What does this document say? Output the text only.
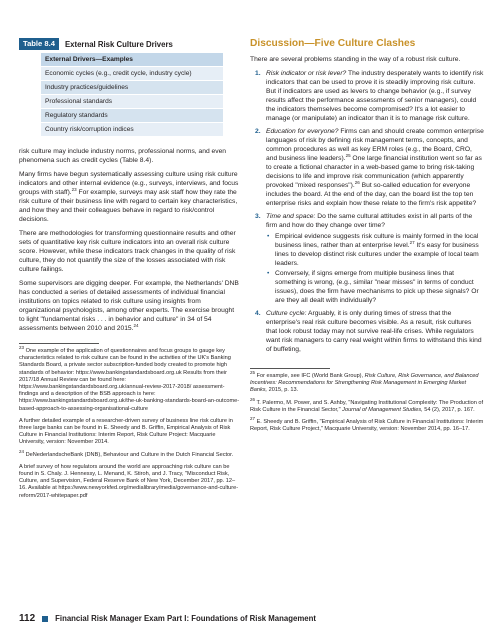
Table 8.4	External Risk Culture Drivers
External Drivers—Examples
Economic cycles (e.g., credit cycle, industry cycle)
Industry practices/guidelines
Professional standards
Regulatory standards
Country risk/corruption indices

risk culture may include industry norms, professional norms, and even phenomena such as credit cycles (Table 8.4).

Many firms have begun systematically assessing culture using risk culture indicators and other internal evidence (e.g., surveys, interviews, and focus groups with staff).$^{23}$ For example, surveys may ask staff how they rate the risk culture of their business line with regard to certain key characteristics, and how they and their colleagues behave in regard to risk/control decisions.

There are methodologies for transforming questionnaire results and other sets of quantitative key risk culture indicators into an overall risk culture score. However, while these indicators track changes in the quality of risk culture, they do not quantify the size of the losses associated with risk culture failings.

Some supervisors are digging deeper. For example, the Netherlands' DNB has conducted a series of detailed assessments of individual financial institutions on topics related to risk culture using insights from organizational psychologists, among other experts. The exercise brought to light "fundamental risks . . . in behavior and culture" in 34 of 54 assessments between 2010 and 2015.24

$^{23}$ One example of the application of questionnaires and focus groups to gauge key characteristics related to risk culture can be found in the activities of the UK's Banking Standards Board, a private sector subscription-funded body created to promote high standards of behavior: https://www.bankingstandardsboard.org.uk Results from their 2017/18 Annual Review can be found here: https://www.bankingstandardsboard.org.uk/annual-review-2017-2018/ assessment-findings and a description of the BSB approach is here: https://www.bankingstandardsboard.org.uk/the-uk-banking-standards-board-an-outcome-based-approach-to-assessing-organisational-culture

A further detailed example of a researcher-driven survey of business line risk culture in three large banks can be found in E. Sheedy and B. Griffin, Empirical Analysis of Risk Culture in Financial Institutions: Interim Report, Risk Culture Project: Macquarie University, version: November 2014.

$^{24}$ DeNederlandscheBank (DNB), Behaviour and Culture in the Dutch Financial Sector.

A brief survey of how regulators around the world are approaching risk culture can be found in S. Chaly. J. Hennessy, L. Menand, K. Stiroh, and J. Tracy, "Misconduct Risk, Culture, and Supervision, Federal Reserve Bank of New York, December 2017, pp. 12–16. Available at https://www.newyorkfed.org/medialibrary/media/governance-and-culture-reform/2017-whitepaper.pdf

Discussion—Five Culture Clashes

There are several problems standing in the way of a robust risk culture.

1. Risk indicator or risk lever? The industry desperately wants to identify risk indicators that can be used to prove it is steadily improving risk culture. But if indicators are used as levers to change behavior (e.g., if survey results affect the performance assessments of senior managers), could the indicators themselves become compromised? It's a lot easier to manage (or manipulate) an indicator than it is to manage risk culture.
2. Education for everyone? Firms can and should create common enterprise languages of risk by defining risk management terms, concepts, and common procedures as well as key ERM roles (e.g., the Board, CRO, and business line leaders).$^{25}$ One large financial institution went so far as to create a fictional character in a web-based game to bring risk-taking decisions to life and improve risk communication (which apparently provoked "mixed responses").$^{26}$ But so-called education for everyone includes the board. At the end of the day, can the board list the top ten enterprise risks and explain how these relate to the firm's risk appetite?
3. Time and space: Do the same cultural attitudes exist in all parts of the firm and how do they change over time?
• Empirical evidence suggests risk culture is mainly formed in the local business lines, rather than at enterprise level.$^{27}$ It's easy for business lines to develop distinct risk cultures under the example of local team leaders.
• Conversely, if signs emerge from multiple business lines that something is wrong, (e.g., similar "near misses" in terms of conduct issues), does the firm have mechanisms to pick up these signals? Or are they all dealt with individually?
4. Culture cycle: Arguably, it is only during times of stress that the enterprise's real risk culture becomes visible. As a result, risk cultures that look robust today may not survive real-life crises. While regulators want risk managers to carry real weight within firms to withstand this kind of buffeting,

$^{25}$ For example, see IFC (World Bank Group), Risk Culture, Risk Governance, and Balanced Incentives: Recommendations for Strengthening Risk Management in Emerging Market Banks, 2015, p. 13.

$^{26}$ T. Palermo, M. Power, and S. Ashby, "Navigating Institutional Complexity: The Production of Risk Culture in the Financial Sector," Journal of Management Studies, 54 (2), 2017, p. 167.

$^{27}$ E. Sheedy and B. Griffin, "Empirical Analysis of Risk Culture in Financial Institutions: Interim Report, Risk Culture Project," Macquarie University, version: November 2014, pp. 16–17.

112	Financial Risk Manager Exam Part I: Foundations of Risk Management
